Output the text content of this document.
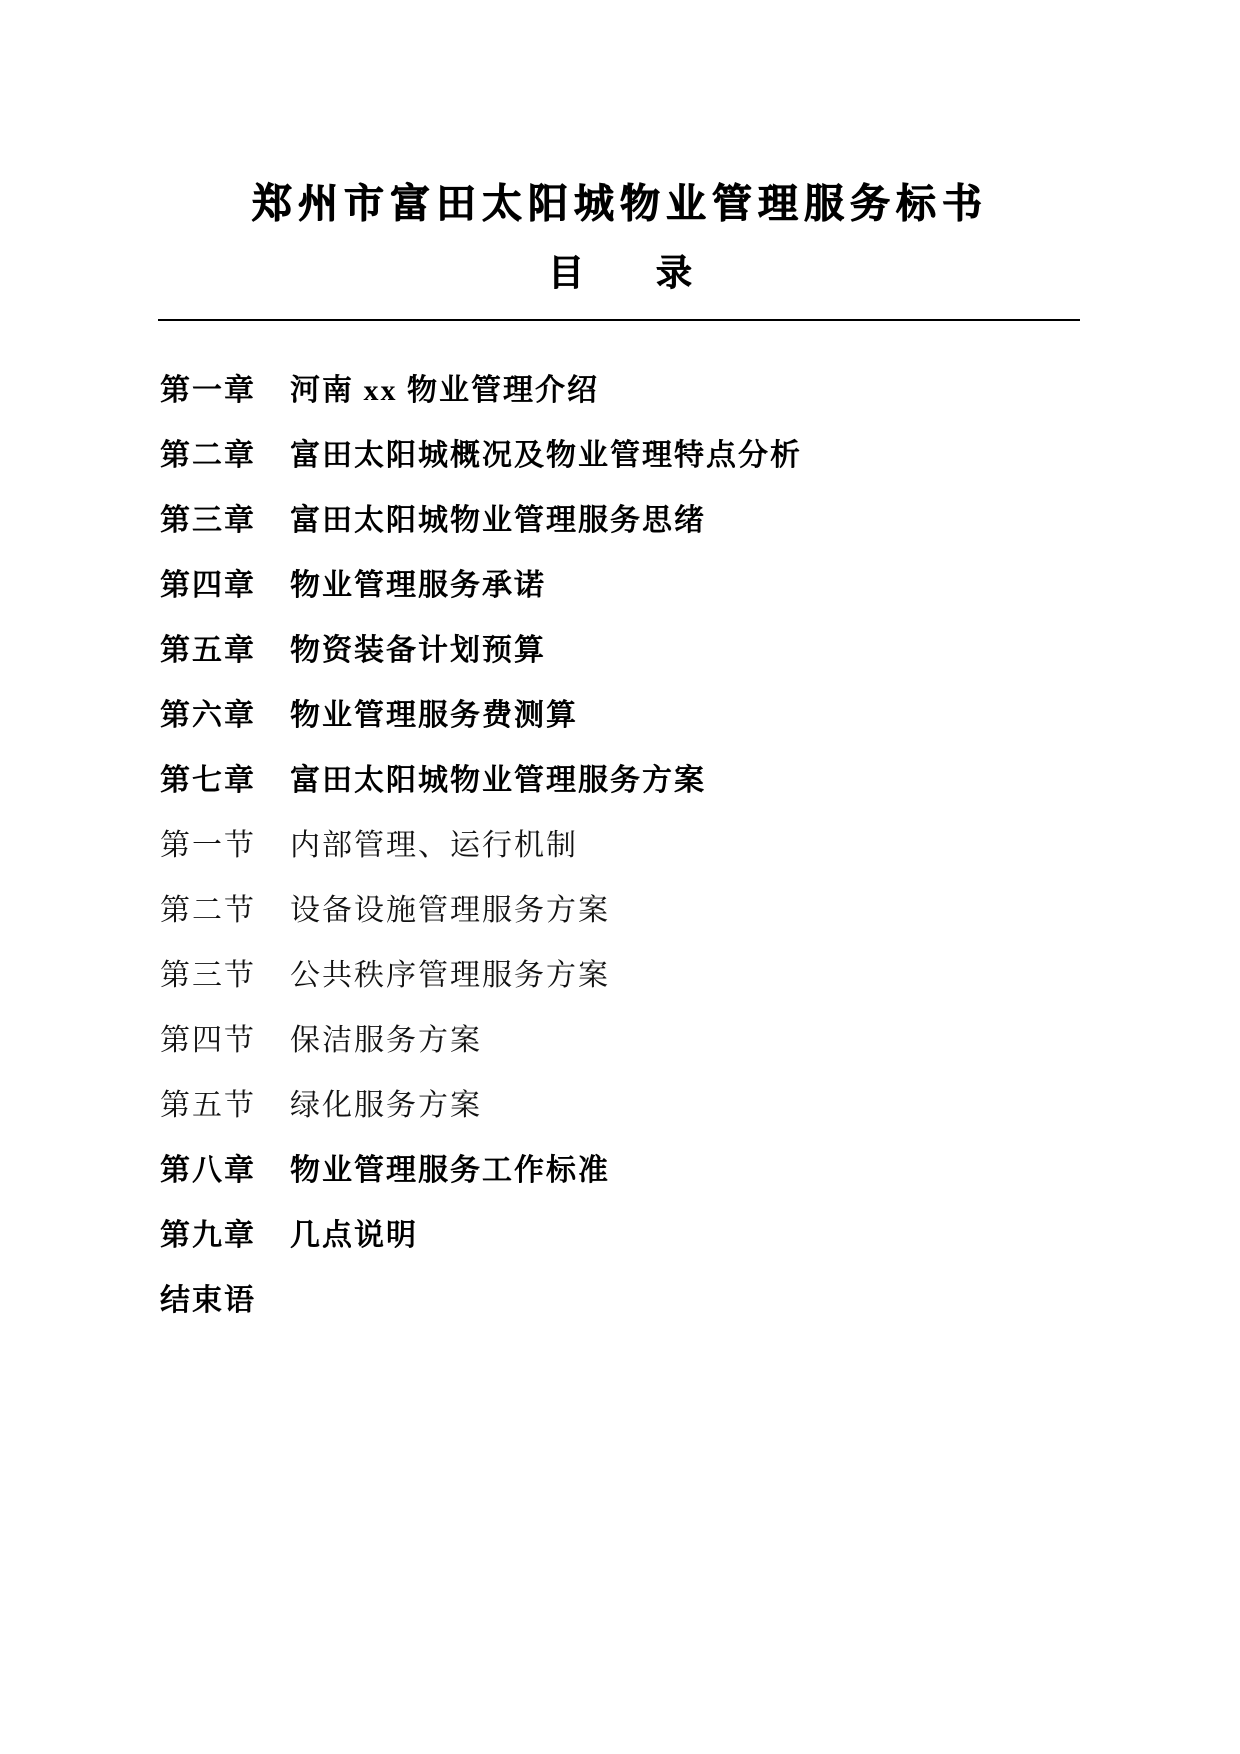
郑州市富田太阳城物业管理服务标书
目　　录
第一章	河南 xx 物业管理介绍
第二章	富田太阳城概况及物业管理特点分析
第三章	富田太阳城物业管理服务思绪
第四章	物业管理服务承诺
第五章	物资装备计划预算
第六章	物业管理服务费测算
第七章	富田太阳城物业管理服务方案
第一节	内部管理、运行机制
第二节	设备设施管理服务方案
第三节	公共秩序管理服务方案
第四节	保洁服务方案
第五节	绿化服务方案
第八章	物业管理服务工作标准
第九章	几点说明
结束语
